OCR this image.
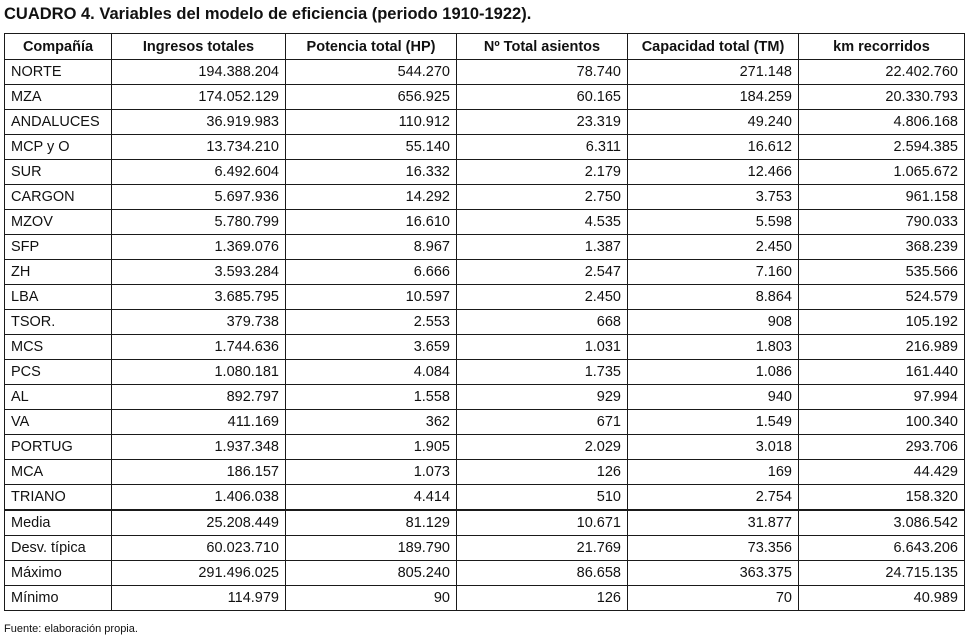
CUADRO 4. Variables del modelo de eficiencia (periodo 1910-1922).
Compañía	Ingresos totales	Potencia total (HP)	Nº Total asientos	Capacidad total (TM)	km recorridos
NORTE	194.388.204	544.270	78.740	271.148	22.402.760
MZA	174.052.129	656.925	60.165	184.259	20.330.793
ANDALUCES	36.919.983	110.912	23.319	49.240	4.806.168
MCP y O	13.734.210	55.140	6.311	16.612	2.594.385
SUR	6.492.604	16.332	2.179	12.466	1.065.672
CARGON	5.697.936	14.292	2.750	3.753	961.158
MZOV	5.780.799	16.610	4.535	5.598	790.033
SFP	1.369.076	8.967	1.387	2.450	368.239
ZH	3.593.284	6.666	2.547	7.160	535.566
LBA	3.685.795	10.597	2.450	8.864	524.579
TSOR.	379.738	2.553	668	908	105.192
MCS	1.744.636	3.659	1.031	1.803	216.989
PCS	1.080.181	4.084	1.735	1.086	161.440
AL	892.797	1.558	929	940	97.994
VA	411.169	362	671	1.549	100.340
PORTUG	1.937.348	1.905	2.029	3.018	293.706
MCA	186.157	1.073	126	169	44.429
TRIANO	1.406.038	4.414	510	2.754	158.320
Media	25.208.449	81.129	10.671	31.877	3.086.542
Desv. típica	60.023.710	189.790	21.769	73.356	6.643.206
Máximo	291.496.025	805.240	86.658	363.375	24.715.135
Mínimo	114.979	90	126	70	40.989
Fuente: elaboración propia.
